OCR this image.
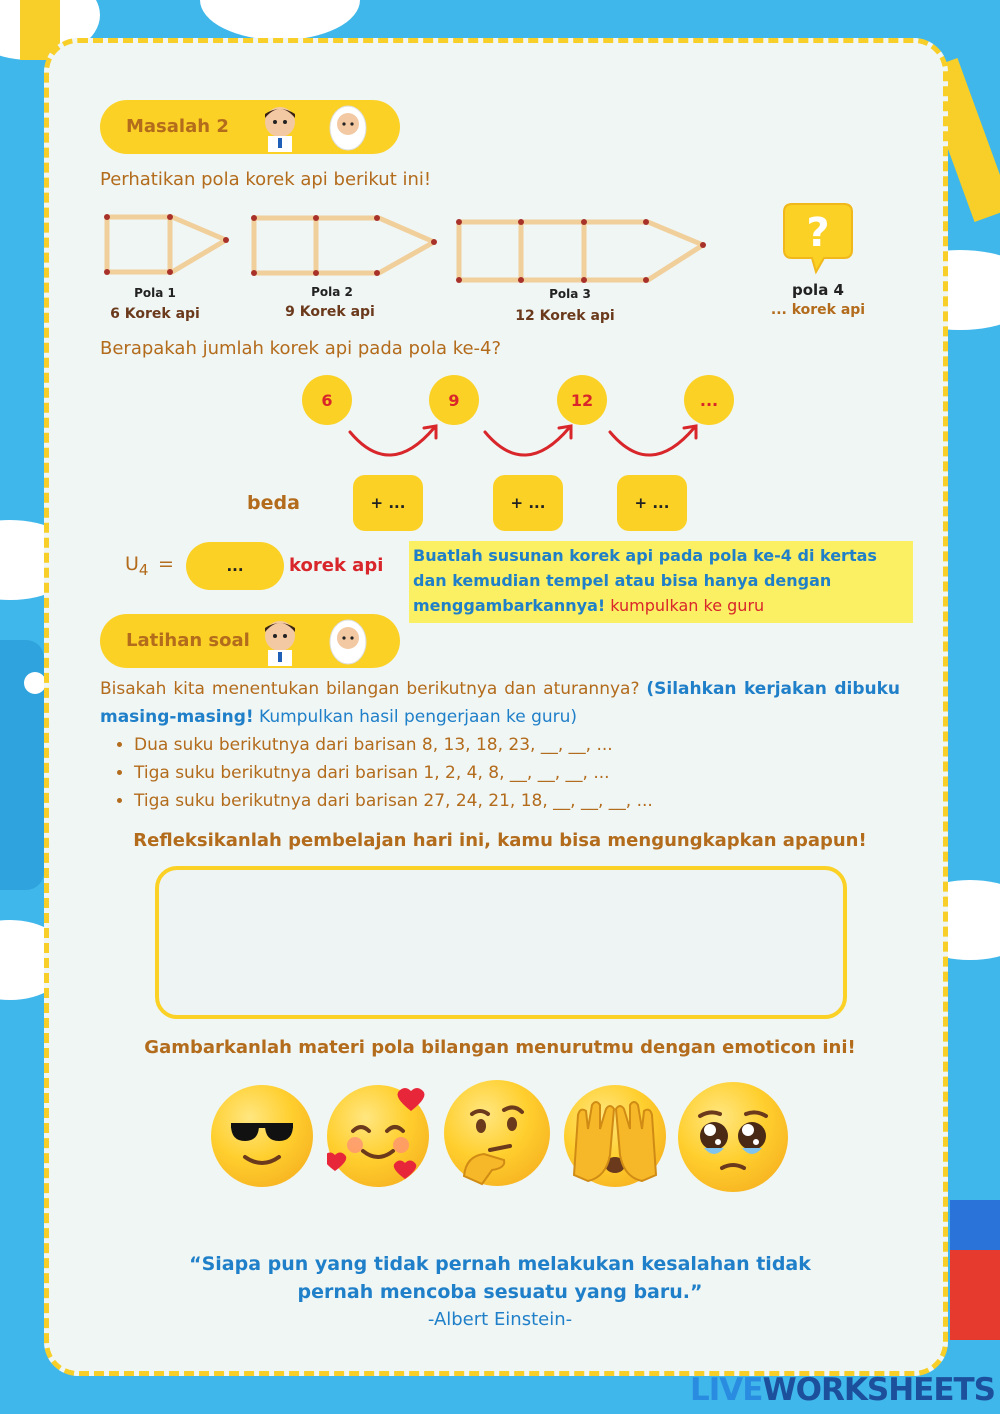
Masalah 2
Perhatikan pola korek api berikut ini!
Pola 1
6 Korek api
Pola 2
9 Korek api
Pola 3
12 Korek api
?
pola 4
... korek api
Berapakah jumlah korek api pada pola ke-4?
6	9	12	...
beda	+ ...	+ ...	+ ...
$U_4$ =	...	korek api Buatlah susunan korek api pada pola ke-4 di kertas dan kemudian tempel atau bisa hanya dengan menggambarkannya! kumpulkan ke guru
Latihan soal
Bisakah kita menentukan bilangan berikutnya dan aturannya? (Silahkan kerjakan dibuku masing-masing! Kumpulkan hasil pengerjaan ke guru)
• Dua suku berikutnya dari barisan 8, 13, 18, 23, __, __, ...
• Tiga suku berikutnya dari barisan 1, 2, 4, 8, __, __, __, ...
• Tiga suku berikutnya dari barisan 27, 24, 21, 18, __, __, __, ...
Refleksikanlah pembelajan hari ini, kamu bisa mengungkapkan apapun!
Gambarkanlah materi pola bilangan menurutmu dengan emoticon ini!
“Siapa pun yang tidak pernah melakukan kesalahan tidak
pernah mencoba sesuatu yang baru.”
-Albert Einstein-
LIVEWORKSHEETS
